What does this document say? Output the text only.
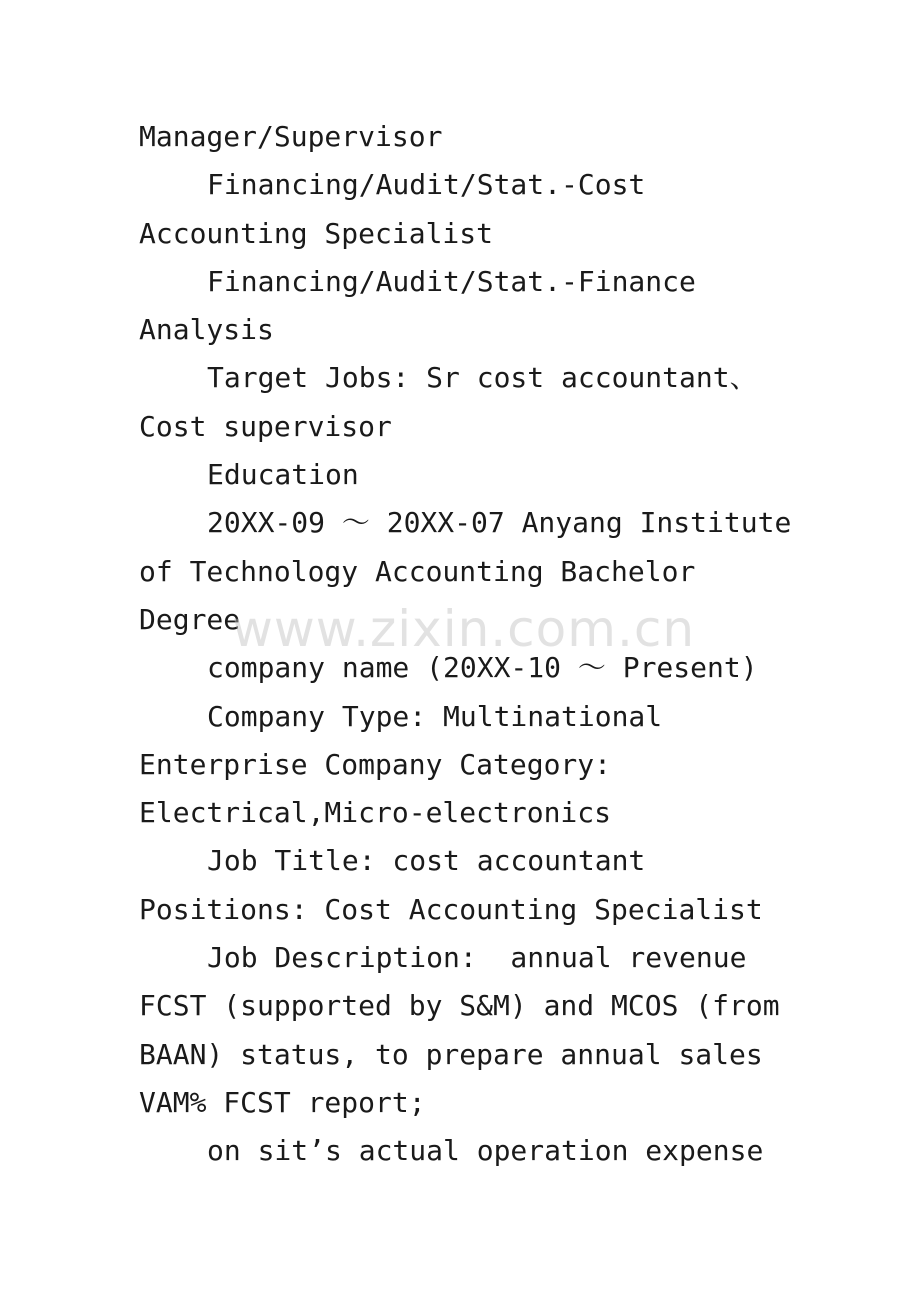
Manager/Supervisor
Financing/Audit/Stat.-Cost
Accounting Specialist
Financing/Audit/Stat.-Finance
Analysis
Target Jobs: Sr cost accountant、
Cost supervisor
Education
20XX-09 ～ 20XX-07 Anyang Institute
of Technology Accounting Bachelor
Degree
company name (20XX-10 ～ Present)
Company Type: Multinational
Enterprise Company Category:
Electrical,Micro-electronics
Job Title: cost accountant
Positions: Cost Accounting Specialist
Job Description:  annual revenue
FCST (supported by S&M) and MCOS (from
BAAN) status, to prepare annual sales
VAM% FCST report;
on sit’s actual operation expense
www.zixin.com.cn
